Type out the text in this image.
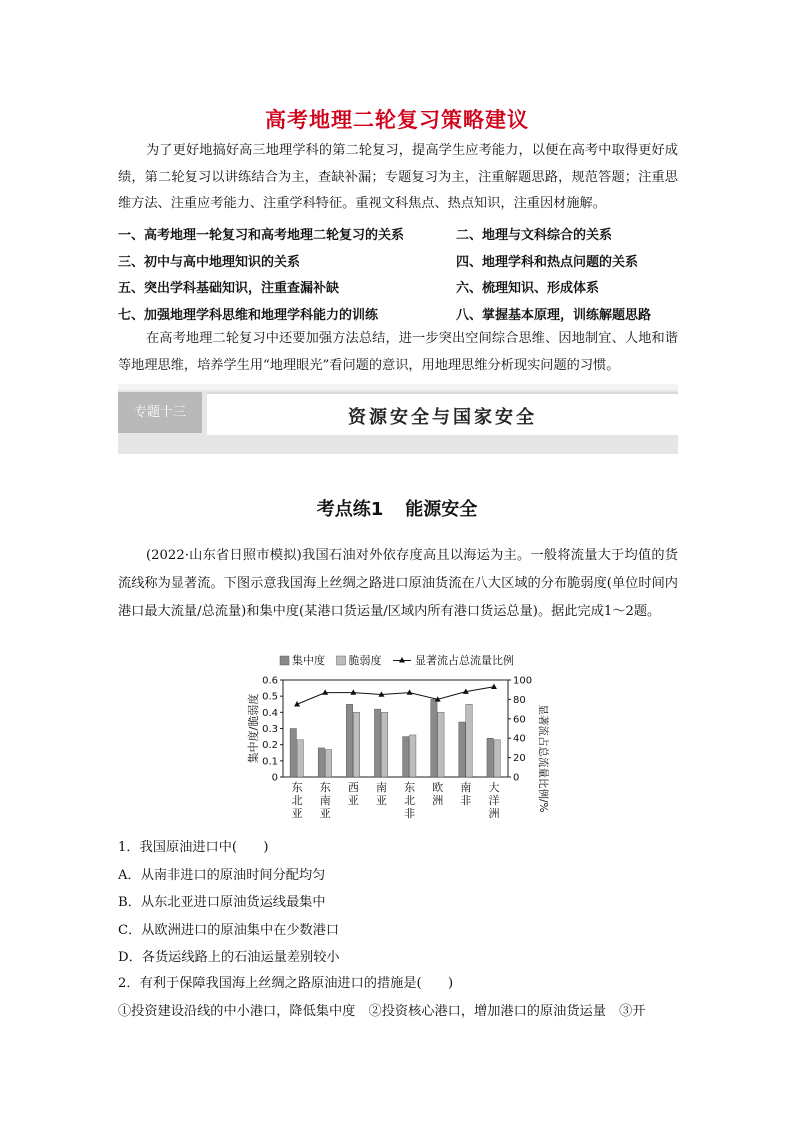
高考地理二轮复习策略建议
为了更好地搞好高三地理学科的第二轮复习，提高学生应考能力，以便在高考中取得更好成绩，第二轮复习以讲练结合为主，查缺补漏；专题复习为主，注重解题思路，规范答题；注重思维方法、注重应考能力、注重学科特征。重视文科焦点、热点知识，注重因材施解。
一、高考地理一轮复习和高考地理二轮复习的关系	二、地理与文科综合的关系
三、初中与高中地理知识的关系	四、地理学科和热点问题的关系
五、突出学科基础知识，注重查漏补缺	六、梳理知识、形成体系
七、加强地理学科思维和地理学科能力的训练	八、掌握基本原理，训练解题思路
在高考地理二轮复习中还要加强方法总结，进一步突出空间综合思维、因地制宜、人地和谐等地理思维，培养学生用“地理眼光”看问题的意识，用地理思维分析现实问题的习惯。
专题十三	资源安全与国家安全
考点练1 能源安全
(2022·山东省日照市模拟)我国石油对外依存度高且以海运为主。一般将流量大于均值的货流线称为显著流。下图示意我国海上丝绸之路进口原油货流在八大区域的分布脆弱度(单位时间内港口最大流量/总流量)和集中度(某港口货运量/区域内所有港口货运总量)。据此完成1～2题。
0
0.1
0.2
0.3
0.4
0.5
0.6
0
20
40
60
80
100
集中度/脆弱度	显著流占总流量比例/%
东
北
亚
东
南
亚
西
亚
南
亚
东
北
非
欧
洲
南
非
大
洋
洲
集中度 脆弱度	显著流占总流量比例
1．我国原油进口中(　　)
A．从南非进口的原油时间分配均匀
B．从东北亚进口原油货运线最集中
C．从欧洲进口的原油集中在少数港口
D．各货运线路上的石油运量差别较小
2．有利于保障我国海上丝绸之路原油进口的措施是(　　)
①投资建设沿线的中小港口，降低集中度　②投资核心港口，增加港口的原油货运量　③开
